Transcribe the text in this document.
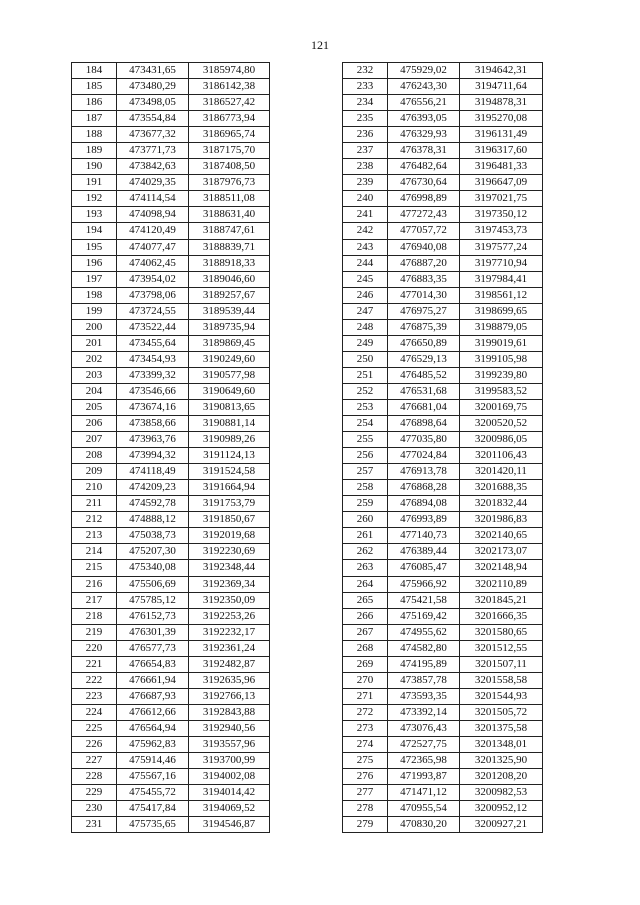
121
184	473431,65	3185974,80
185	473480,29	3186142,38
186	473498,05	3186527,42
187	473554,84	3186773,94
188	473677,32	3186965,74
189	473771,73	3187175,70
190	473842,63	3187408,50
191	474029,35	3187976,73
192	474114,54	3188511,08
193	474098,94	3188631,40
194	474120,49	3188747,61
195	474077,47	3188839,71
196	474062,45	3188918,33
197	473954,02	3189046,60
198	473798,06	3189257,67
199	473724,55	3189539,44
200	473522,44	3189735,94
201	473455,64	3189869,45
202	473454,93	3190249,60
203	473399,32	3190577,98
204	473546,66	3190649,60
205	473674,16	3190813,65
206	473858,66	3190881,14
207	473963,76	3190989,26
208	473994,32	3191124,13
209	474118,49	3191524,58
210	474209,23	3191664,94
211	474592,78	3191753,79
212	474888,12	3191850,67
213	475038,73	3192019,68
214	475207,30	3192230,69
215	475340,08	3192348,44
216	475506,69	3192369,34
217	475785,12	3192350,09
218	476152,73	3192253,26
219	476301,39	3192232,17
220	476577,73	3192361,24
221	476654,83	3192482,87
222	476661,94	3192635,96
223	476687,93	3192766,13
224	476612,66	3192843,88
225	476564,94	3192940,56
226	475962,83	3193557,96
227	475914,46	3193700,99
228	475567,16	3194002,08
229	475455,72	3194014,42
230	475417,84	3194069,52
231	475735,65	3194546,87
232	475929,02	3194642,31
233	476243,30	3194711,64
234	476556,21	3194878,31
235	476393,05	3195270,08
236	476329,93	3196131,49
237	476378,31	3196317,60
238	476482,64	3196481,33
239	476730,64	3196647,09
240	476998,89	3197021,75
241	477272,43	3197350,12
242	477057,72	3197453,73
243	476940,08	3197577,24
244	476887,20	3197710,94
245	476883,35	3197984,41
246	477014,30	3198561,12
247	476975,27	3198699,65
248	476875,39	3198879,05
249	476650,89	3199019,61
250	476529,13	3199105,98
251	476485,52	3199239,80
252	476531,68	3199583,52
253	476681,04	3200169,75
254	476898,64	3200520,52
255	477035,80	3200986,05
256	477024,84	3201106,43
257	476913,78	3201420,11
258	476868,28	3201688,35
259	476894,08	3201832,44
260	476993,89	3201986,83
261	477140,73	3202140,65
262	476389,44	3202173,07
263	476085,47	3202148,94
264	475966,92	3202110,89
265	475421,58	3201845,21
266	475169,42	3201666,35
267	474955,62	3201580,65
268	474582,80	3201512,55
269	474195,89	3201507,11
270	473857,78	3201558,58
271	473593,35	3201544,93
272	473392,14	3201505,72
273	473076,43	3201375,58
274	472527,75	3201348,01
275	472365,98	3201325,90
276	471993,87	3201208,20
277	471471,12	3200982,53
278	470955,54	3200952,12
279	470830,20	3200927,21
